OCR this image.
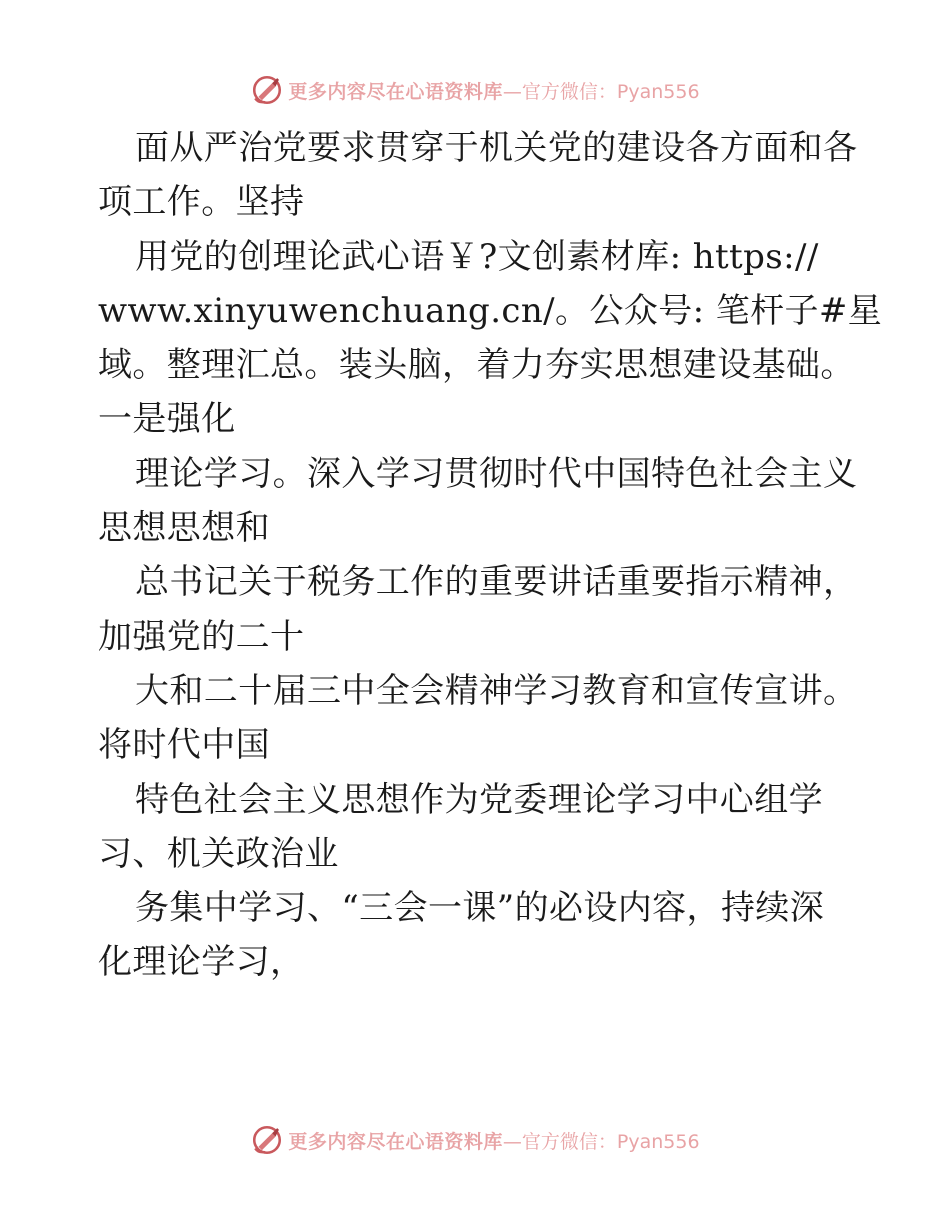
更多内容尽在心语资料库 —官方微信：Pyan556
面从严治党要求贯穿于机关党的建设各方面和各
项工作。坚持
用党的创理论武心语￥?文创素材库: https://
www.xinyuwenchuang.cn/。公众号: 笔杆子#星
域。整理汇总。装头脑，着力夯实思想建设基础。
一是强化
理论学习。深入学习贯彻时代中国特色社会主义
思想思想和
总书记关于税务工作的重要讲话重要指示精神，
加强党的二十
大和二十届三中全会精神学习教育和宣传宣讲。
将时代中国
特色社会主义思想作为党委理论学习中心组学
习、机关政治业
务集中学习、“三会一课”的必设内容，持续深
化理论学习，
更多内容尽在心语资料库 —官方微信：Pyan556
